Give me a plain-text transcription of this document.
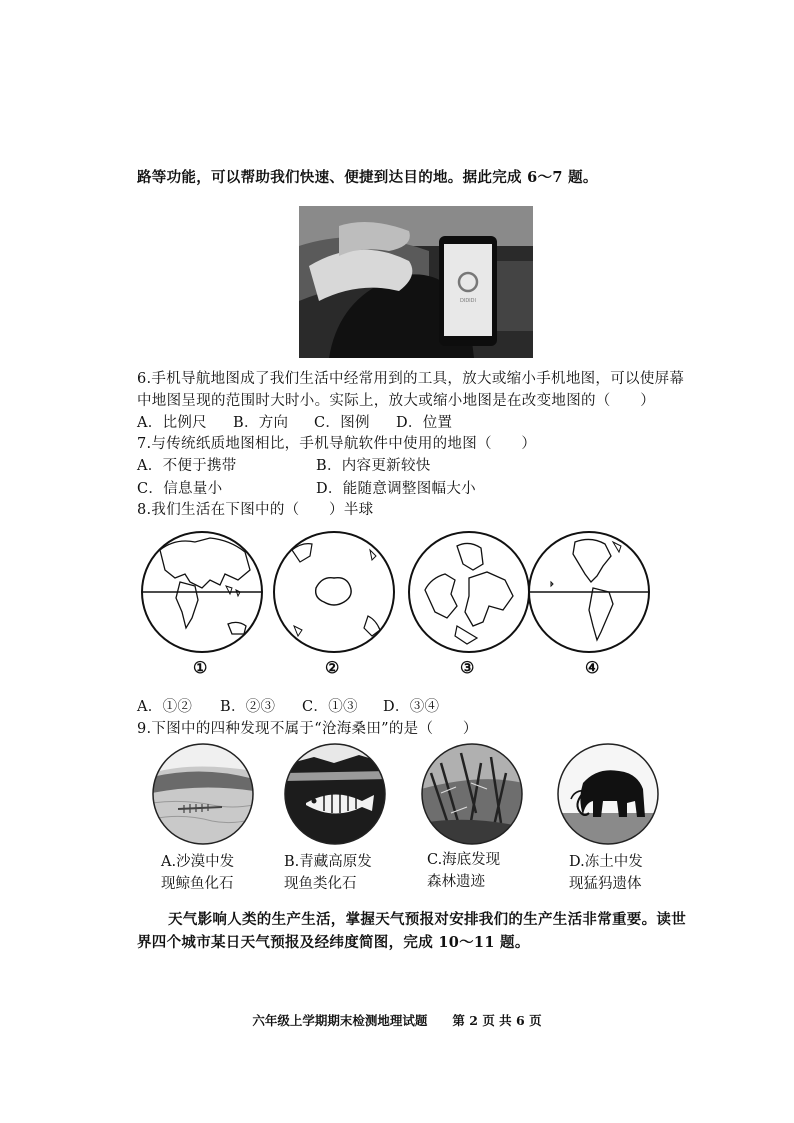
路等功能，可以帮助我们快速、便捷到达目的地。据此完成 6～7 题。
DIDIDI
6.手机导航地图成了我们生活中经常用到的工具，放大或缩小手机地图，可以使屏幕
中地图呈现的范围时大时小。实际上，放大或缩小地图是在改变地图的（　　）
A．比例尺 B．方向 C．图例 D．位置
7.与传统纸质地图相比，手机导航软件中使用的地图（　　）
A．不便于携带	B．内容更新较快
C．信息量小	D．能随意调整图幅大小
8.我们生活在下图中的（　　）半球
①	②	③	④
A．①② B．②③ C．①③ D．③④
9.下图中的四种发现不属于“沧海桑田”的是（　　）
A.沙漠中发
现鲸鱼化石
B.青藏高原发
现鱼类化石
C.海底发现
森林遗迹
D.冻土中发
现猛犸遗体
天气影响人类的生产生活，掌握天气预报对安排我们的生产生活非常重要。读世
界四个城市某日天气预报及经纬度简图，完成 10～11 题。
六年级上学期期末检测地理试题　　第 2 页 共 6 页
